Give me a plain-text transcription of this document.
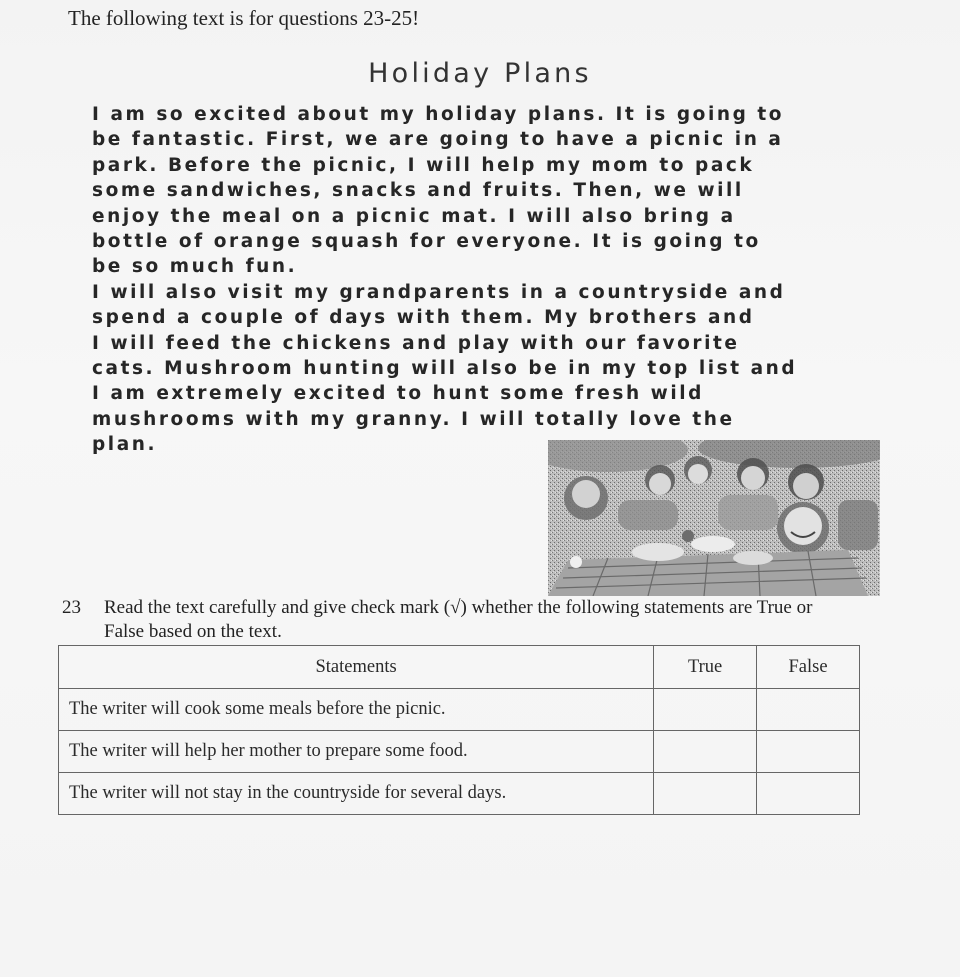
The following text is for questions 23-25!
Holiday Plans
I am so excited about my holiday plans. It is going to
be fantastic. First, we are going to have a picnic in a
park. Before the picnic, I will help my mom to pack
some sandwiches, snacks and fruits. Then, we will
enjoy the meal on a picnic mat. I will also bring a
bottle of orange squash for everyone. It is going to
be so much fun.
I will also visit my grandparents in a countryside and
spend a couple of days with them. My brothers and
I will feed the chickens and play with our favorite
cats. Mushroom hunting will also be in my top list and
I am extremely excited to hunt some fresh wild
mushrooms with my granny. I will totally love the
plan.
23 Read the text carefully and give check mark (√) whether the following statements are True or
False based on the text.
Statements	True	False
The writer will cook some meals before the picnic.		
The writer will help her mother to prepare some food.		
The writer will not stay in the countryside for several days.		
